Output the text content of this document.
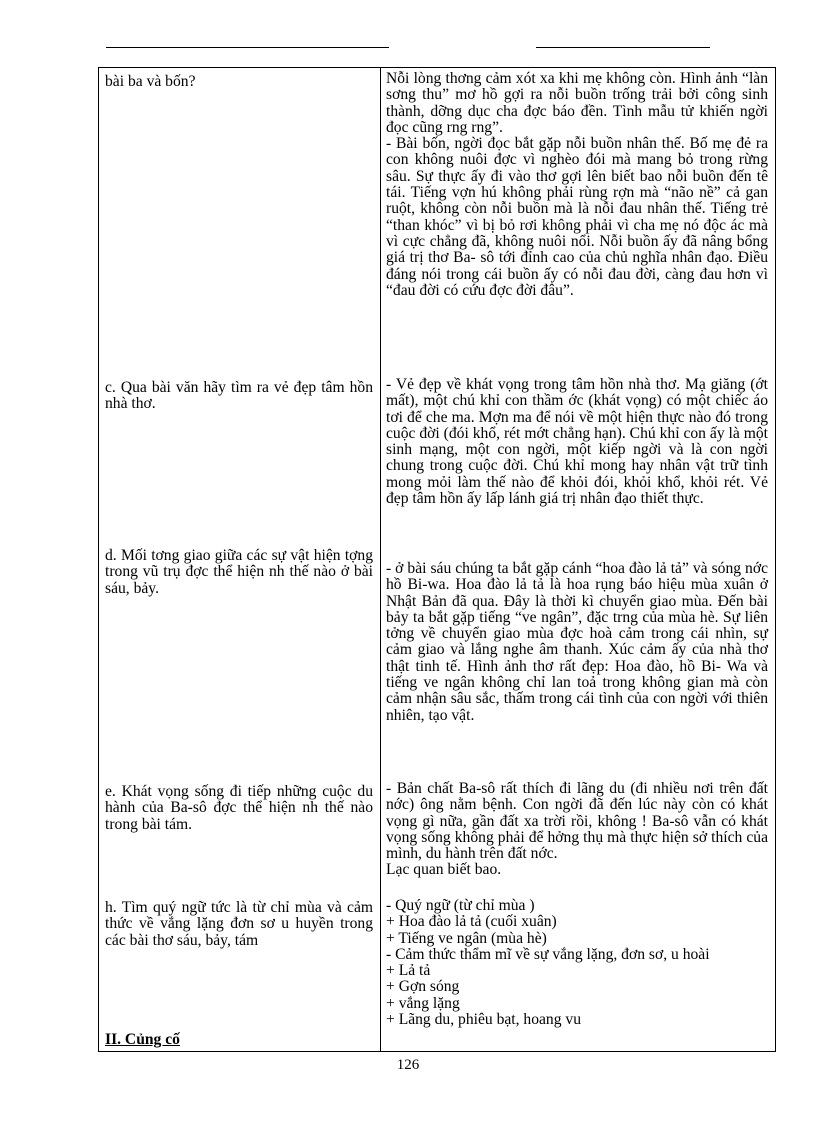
bài ba và bốn?	Nỗi lòng thơng cảm xót xa khi mẹ không còn. Hình ảnh “làn sơng thu” mơ hồ gợi ra nỗi buồn trống trải bởi công sinh thành, dỡng dục cha đợc báo đền. Tình mẫu tử khiến ngời đọc cũng rng rng”.
- Bài bốn, ngời đọc bắt gặp nỗi buồn nhân thế. Bố mẹ đẻ ra con không nuôi đợc vì nghèo đói mà mang bỏ trong rừng sâu. Sự thực ấy đi vào thơ gợi lên biết bao nỗi buồn đến tê tái. Tiếng vợn hú không phải rùng rợn mà “não nề” cả gan ruột, không còn nỗi buồn mà là nỗi đau nhân thế. Tiếng trẻ “than khóc” vì bị bỏ rơi không phải vì cha mẹ nó độc ác mà vì cực chẳng đã, không nuôi nổi. Nỗi buồn ấy đã nâng bổng giá trị thơ Ba- sô tới đỉnh cao của chủ nghĩa nhân đạo. Điều đáng nói trong cái buồn ấy có nỗi đau đời, càng đau hơn vì “đau đời có cứu đợc đời đâu”.
c. Qua bài văn hãy tìm ra vẻ đẹp tâm hồn nhà thơ.
- Vẻ đẹp về khát vọng trong tâm hồn nhà thơ. Mạ giăng (ớt mất), một chú khỉ con thầm ớc (khát vọng) có một chiếc áo tơi để che ma. Mợn ma để nói về một hiện thực nào đó trong cuộc đời (đói khổ, rét mớt chẳng hạn). Chú khỉ con ấy là một sinh mạng, một con ngời, một kiếp ngời và là con ngời chung trong cuộc đời. Chú khỉ mong hay nhân vật trữ tình mong mỏi làm thế nào để khỏi đói, khỏi khổ, khỏi rét. Vẻ đẹp tâm hồn ấy lấp lánh giá trị nhân đạo thiết thực.
d. Mối tơng giao giữa các sự vật hiện tợng trong vũ trụ đợc thể hiện nh thế nào ở bài sáu, bảy.
- ở bài sáu chúng ta bắt gặp cánh “hoa đào lả tả” và sóng nớc hồ Bi-wa. Hoa đào lả tả là hoa rụng báo hiệu mùa xuân ở Nhật Bản đã qua. Đây là thời kì chuyển giao mùa. Đến bài bảy ta bắt gặp tiếng “ve ngân”, đặc trng của mùa hè. Sự liên tởng về chuyển giao mùa đợc hoà cảm trong cái nhìn, sự cảm giao và lắng nghe âm thanh. Xúc cảm ấy của nhà thơ thật tinh tế. Hình ảnh thơ rất đẹp: Hoa đào, hồ Bi- Wa và tiếng ve ngân không chỉ lan toả trong không gian mà còn cảm nhận sâu sắc, thấm trong cái tình của con ngời với thiên nhiên, tạo vật.
e. Khát vọng sống đi tiếp những cuộc du hành của Ba-sô đợc thể hiện nh thế nào trong bài tám.
- Bản chất Ba-sô rất thích đi lãng du (đi nhiều nơi trên đất nớc) ông nằm bệnh. Con ngời đã đến lúc này còn có khát vọng gì nữa, gần đất xa trời rồi, không ! Ba-sô vẫn có khát vọng sống không phải để hởng thụ mà thực hiện sở thích của mình, du hành trên đất nớc.
Lạc quan biết bao.
h. Tìm quý ngữ tức là từ chỉ mùa và cảm thức về vắng lặng đơn sơ u huyền trong các bài thơ sáu, bảy, tám
- Quý ngữ (từ chỉ mùa )
+ Hoa đào lả tả (cuối xuân)
+ Tiếng ve ngân (mùa hè)
- Cảm thức thẩm mĩ về sự vắng lặng, đơn sơ, u hoài
+ Lả tả
+ Gợn sóng
+ vắng lặng
+ Lãng du, phiêu bạt, hoang vu
II. Củng cố
126
